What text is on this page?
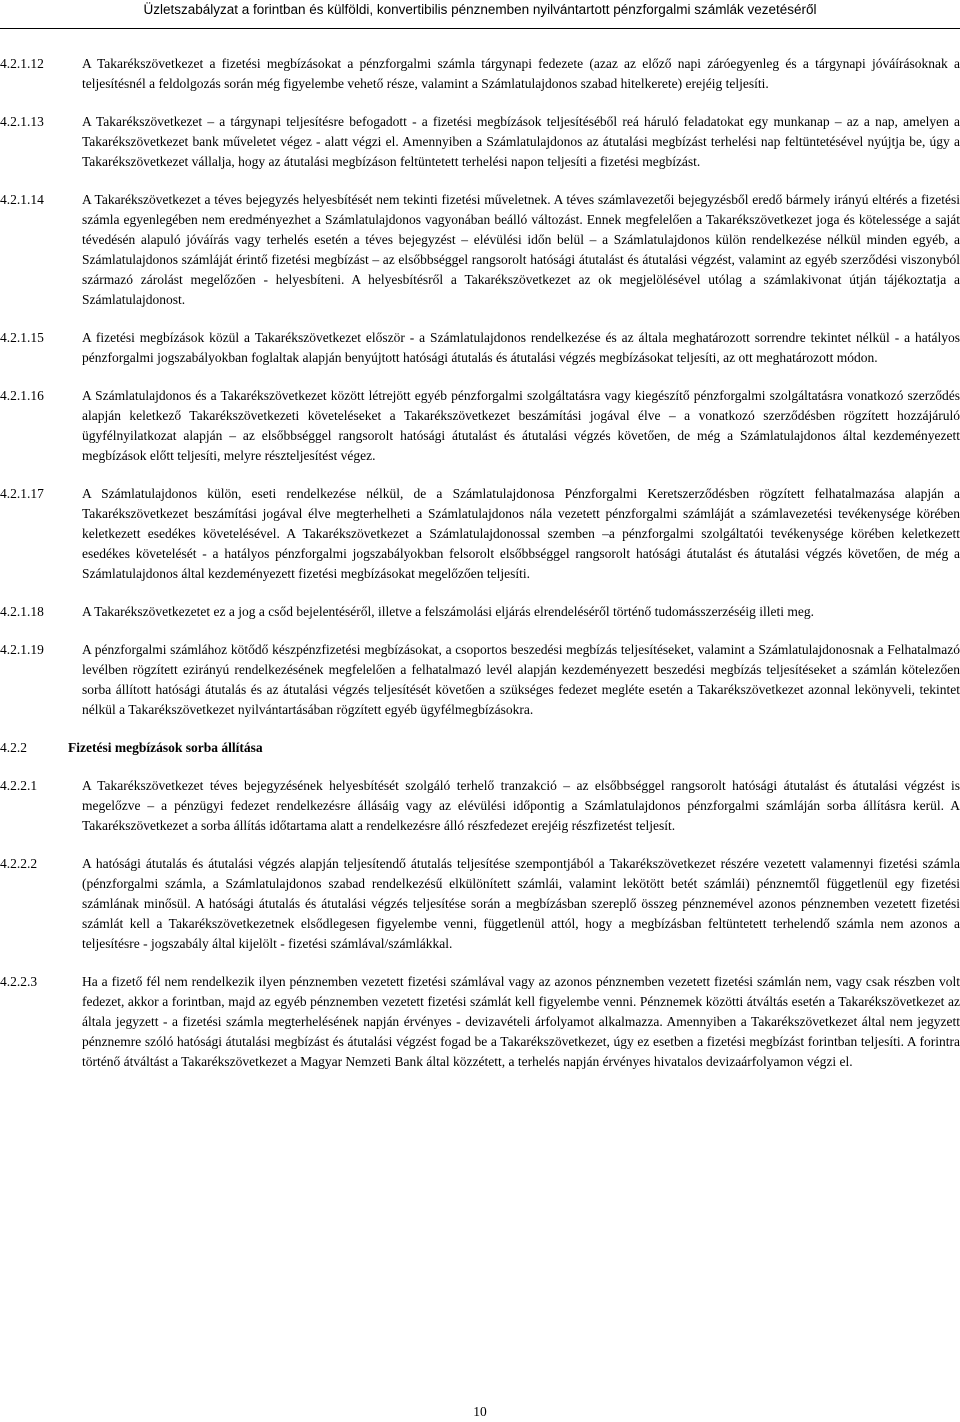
Üzletszabályzat a forintban és külföldi, konvertibilis pénznemben nyilvántartott pénzforgalmi számlák vezetéséről
4.2.1.12	A Takarékszövetkezet a fizetési megbízásokat a pénzforgalmi számla tárgynapi fedezete (azaz az előző napi záróegyenleg és a tárgynapi jóváírásoknak a teljesítésnél a feldolgozás során még figyelembe vehető része, valamint a Számlatulajdonos szabad hitelkerete) erejéig teljesíti.
4.2.1.13	A Takarékszövetkezet – a tárgynapi teljesítésre befogadott - a fizetési megbízások teljesítéséből reá háruló feladatokat egy munkanap – az a nap, amelyen a Takarékszövetkezet bank műveletet végez - alatt végzi el. Amennyiben a Számlatulajdonos az átutalási megbízást terhelési nap feltüntetésével nyújtja be, úgy a Takarékszövetkezet vállalja, hogy az átutalási megbízáson feltüntetett terhelési napon teljesíti a fizetési megbízást.
4.2.1.14	A Takarékszövetkezet a téves bejegyzés helyesbítését nem tekinti fizetési műveletnek. A téves számlavezetői bejegyzésből eredő bármely irányú eltérés a fizetési számla egyenlegében nem eredményezhet a Számlatulajdonos vagyonában beálló változást. Ennek megfelelően a Takarékszövetkezet joga és kötelessége a saját tévedésén alapuló jóváírás vagy terhelés esetén a téves bejegyzést – elévülési időn belül – a Számlatulajdonos külön rendelkezése nélkül minden egyéb, a Számlatulajdonos számláját érintő fizetési megbízást – az elsőbbséggel rangsorolt hatósági átutalást és átutalási végzést, valamint az egyéb szerződési viszonyból származó zárolást megelőzően - helyesbíteni. A helyesbítésről a Takarékszövetkezet az ok megjelölésével utólag a számlakivonat útján tájékoztatja a Számlatulajdonost.
4.2.1.15	A fizetési megbízások közül a Takarékszövetkezet először - a Számlatulajdonos rendelkezése és az általa meghatározott sorrendre tekintet nélkül - a hatályos pénzforgalmi jogszabályokban foglaltak alapján benyújtott hatósági átutalás és átutalási végzés megbízásokat teljesíti, az ott meghatározott módon.
4.2.1.16	A Számlatulajdonos és a Takarékszövetkezet között létrejött egyéb pénzforgalmi szolgáltatásra vagy kiegészítő pénzforgalmi szolgáltatásra vonatkozó szerződés alapján keletkező Takarékszövetkezeti követeléseket a Takarékszövetkezet beszámítási jogával élve – a vonatkozó szerződésben rögzített hozzájáruló ügyfélnyilatkozat alapján – az elsőbbséggel rangsorolt hatósági átutalást és átutalási végzés követően, de még a Számlatulajdonos által kezdeményezett megbízások előtt teljesíti, melyre részteljesítést végez.
4.2.1.17	A Számlatulajdonos külön, eseti rendelkezése nélkül, de a Számlatulajdonosa Pénzforgalmi Keretszerződésben rögzített felhatalmazása alapján a Takarékszövetkezet beszámítási jogával élve megterhelheti a Számlatulajdonos nála vezetett pénzforgalmi számláját a számlavezetési tevékenysége körében keletkezett esedékes követelésével. A Takarékszövetkezet a Számlatulajdonossal szemben –a pénzforgalmi szolgáltatói tevékenysége körében keletkezett esedékes követelését - a hatályos pénzforgalmi jogszabályokban felsorolt elsőbbséggel rangsorolt hatósági átutalást és átutalási végzés követően, de még a Számlatulajdonos által kezdeményezett fizetési megbízásokat megelőzően teljesíti.
4.2.1.18	A Takarékszövetkezetet ez a jog a csőd bejelentéséről, illetve a felszámolási eljárás elrendeléséről történő tudomásszerzéséig illeti meg.
4.2.1.19	A pénzforgalmi számlához kötődő készpénzfizetési megbízásokat, a csoportos beszedési megbízás teljesítéseket, valamint a Számlatulajdonosnak a Felhatalmazó levélben rögzített ezirányú rendelkezésének megfelelően a felhatalmazó levél alapján kezdeményezett beszedési megbízás teljesítéseket a számlán kötelezően sorba állított hatósági átutalás és az átutalási végzés teljesítését követően a szükséges fedezet megléte esetén a Takarékszövetkezet azonnal lekönyveli, tekintet nélkül a Takarékszövetkezet nyilvántartásában rögzített egyéb ügyfélmegbízásokra.
4.2.2	Fizetési megbízások sorba állítása
4.2.2.1	A Takarékszövetkezet téves bejegyzésének helyesbítését szolgáló terhelő tranzakció – az elsőbbséggel rangsorolt hatósági átutalást és átutalási végzést is megelőzve – a pénzügyi fedezet rendelkezésre állásáig vagy az elévülési időpontig a Számlatulajdonos pénzforgalmi számláján sorba állításra kerül. A Takarékszövetkezet a sorba állítás időtartama alatt a rendelkezésre álló részfedezet erejéig részfizetést teljesít.
4.2.2.2	A hatósági átutalás és átutalási végzés alapján teljesítendő átutalás teljesítése szempontjából a Takarékszövetkezet részére vezetett valamennyi fizetési számla (pénzforgalmi számla, a Számlatulajdonos szabad rendelkezésű elkülönített számlái, valamint lekötött betét számlái) pénznemtől függetlenül egy fizetési számlának minősül. A hatósági átutalás és átutalási végzés teljesítése során a megbízásban szereplő összeg pénznemével azonos pénznemben vezetett fizetési számlát kell a Takarékszövetkezetnek elsődlegesen figyelembe venni, függetlenül attól, hogy a megbízásban feltüntetett terhelendő számla nem azonos a teljesítésre - jogszabály által kijelölt - fizetési számlával/számlákkal.
4.2.2.3	Ha a fizető fél nem rendelkezik ilyen pénznemben vezetett fizetési számlával vagy az azonos pénznemben vezetett fizetési számlán nem, vagy csak részben volt fedezet, akkor a forintban, majd az egyéb pénznemben vezetett fizetési számlát kell figyelembe venni. Pénznemek közötti átváltás esetén a Takarékszövetkezet az általa jegyzett - a fizetési számla megterhelésének napján érvényes - devizavételi árfolyamot alkalmazza. Amennyiben a Takarékszövetkezet által nem jegyzett pénznemre szóló hatósági átutalási megbízást és átutalási végzést fogad be a Takarékszövetkezet, úgy ez esetben a fizetési megbízást forintban teljesíti. A forintra történő átváltást a Takarékszövetkezet a Magyar Nemzeti Bank által közzétett, a terhelés napján érvényes hivatalos devizaárfolyamon végzi el.
10
